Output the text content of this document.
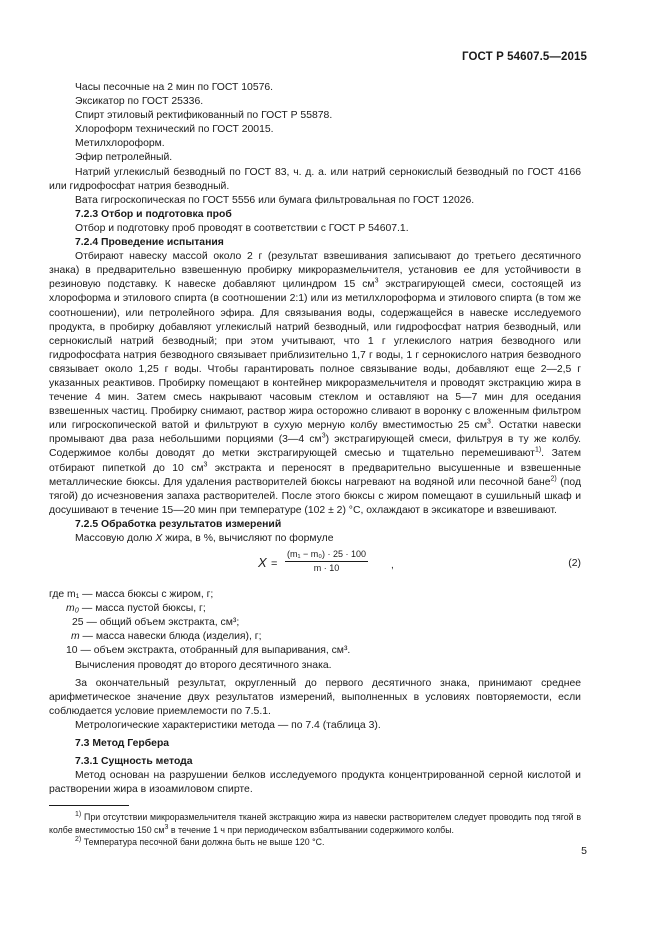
ГОСТ Р 54607.5—2015

Часы песочные на 2 мин по ГОСТ 10576.

Эксикатор по ГОСТ 25336.

Спирт этиловый ректификованный по ГОСТ Р 55878.

Хлороформ технический по ГОСТ 20015.

Метилхлороформ.

Эфир петролейный.

Натрий углекислый безводный по ГОСТ 83, ч. д. а. или натрий сернокислый безводный по ГОСТ 4166 или гидрофосфат натрия безводный.

Вата гигроскопическая по ГОСТ 5556 или бумага фильтровальная по ГОСТ 12026.

7.2.3 Отбор и подготовка проб

Отбор и подготовку проб проводят в соответствии с ГОСТ Р 54607.1.

7.2.4 Проведение испытания

Отбирают навеску массой около 2 г (результат взвешивания записывают до третьего десятичного знака) в предварительно взвешенную пробирку микроразмельчителя, установив ее для устойчивости в резиновую подставку. К навеске добавляют цилиндром 15 $см^3$ экстрагирующей смеси, состоящей из хлороформа и этилового спирта (в соотношении 2:1) или из метилхлороформа и этилового спирта (в том же соотношении), или петролейного эфира. Для связывания воды, содержащейся в навеске исследуемого продукта, в пробирку добавляют углекислый натрий безводный, или гидрофосфат натрия безводный, или сернокислый натрий безводный; при этом учитывают, что 1 г углекислого натрия безводного или гидрофосфата натрия безводного связывает приблизительно 1,7 г воды, 1 г сернокислого натрия безводного связывает около 1,25 г воды. Чтобы гарантировать полное связывание воды, добавляют еще 2—2,5 г указанных реактивов. Пробирку помещают в контейнер микроразмельчителя и проводят экстракцию жира в течение 4 мин. Затем смесь накрывают часовым стеклом и оставляют на 5—7 мин для оседания взвешенных частиц. Пробирку снимают, раствор жира осторожно сливают в воронку с вложенным фильтром или гигроскопической ватой и фильтруют в сухую мерную колбу вместимостью 25 $см^3$. Остатки навески промывают два раза небольшими порциями (3—4 $см^3$) экстрагирующей смеси, фильтруя в ту же колбу. Содержимое колбы доводят до метки экстрагирующей смесью и тщательно перемешивают$^{1)}$. Затем отбирают пипеткой до 10 $см^3$ экстракта и переносят в предварительно высушенные и взвешенные металлические бюксы. Для удаления растворителей бюксы нагревают на водяной или песочной бане$^{2)}$ (под тягой) до исчезновения запаха растворителей. После этого бюксы с жиром помещают в сушильный шкаф и досушивают в течение 15—20 мин при температуре (102 ± 2) °С, охлаждают в эксикаторе и взвешивают.

7.2.5 Обработка результатов измерений

Массовую долю X жира, в %, вычисляют по формуле

$X = \frac{\text{(m₁ − m₀) · 25 · 100}}{m \cdot 10}$ ,	(2)
где m₁ — масса бюксы с жиром, г;
m₀ — масса пустой бюксы, г;
25 — общий объем экстракта, см³;
m — масса навески блюда (изделия), г;
10 — объем экстракта, отобранный для выпаривания, см³.

Вычисления проводят до второго десятичного знака.

За окончательный результат, округленный до первого десятичного знака, принимают среднее арифметическое значение двух результатов измерений, выполненных в условиях повторяемости, если соблюдается условие приемлемости по 7.5.1.

Метрологические характеристики метода — по 7.4 (таблица 3).

7.3 Метод Гербера

7.3.1 Сущность метода

Метод основан на разрушении белков исследуемого продукта концентрированной серной кислотой и растворении жира в изоамиловом спирте.

$^{1)}$ При отсутствии микроразмельчителя тканей экстракцию жира из навески растворителем следует проводить под тягой в колбе вместимостью 150 $см^3$ в течение 1 ч при периодическом взбалтывании содержимого колбы.

$^{2)}$ Температура песочной бани должна быть не выше 120 °С.

5
